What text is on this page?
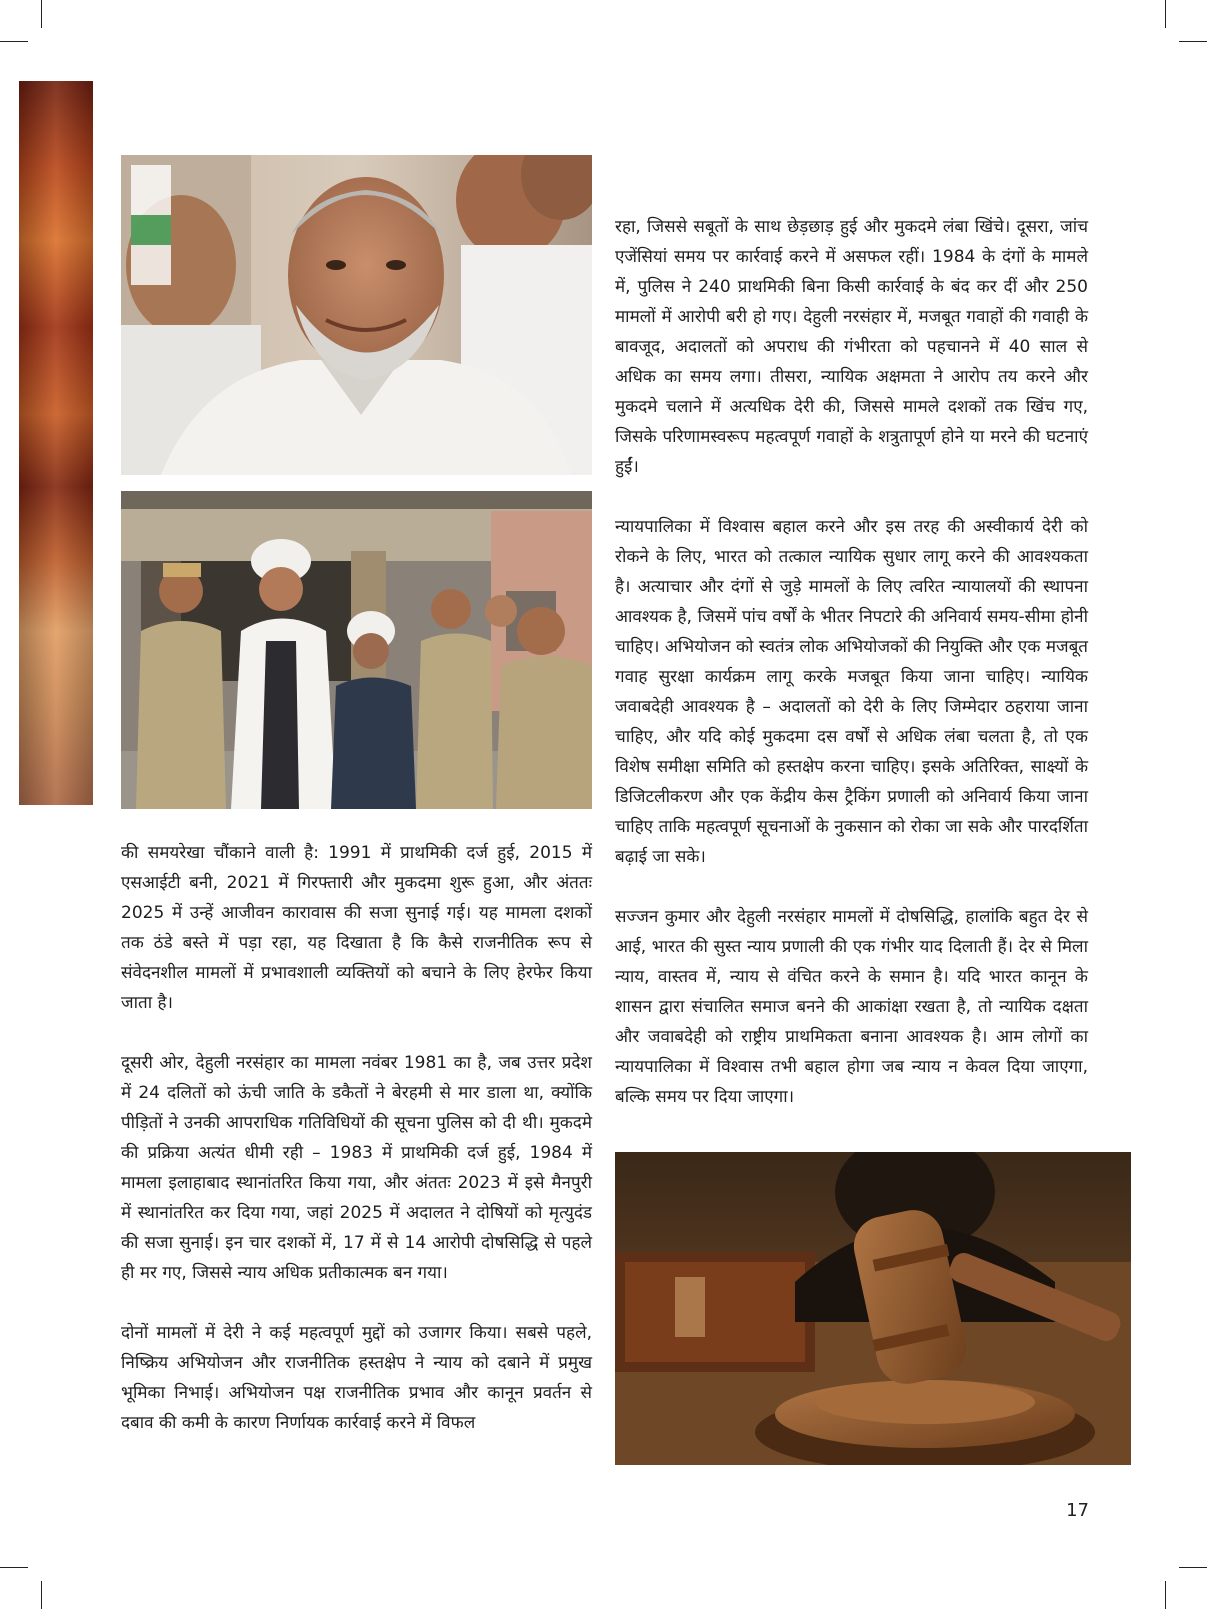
की समयरेखा चौंकाने वाली है: 1991 में प्राथमिकी दर्ज हुई, 2015 में एसआईटी बनी, 2021 में गिरफ्तारी और मुकदमा शुरू हुआ, और अंततः 2025 में उन्हें आजीवन कारावास की सजा सुनाई गई। यह मामला दशकों तक ठंडे बस्ते में पड़ा रहा, यह दिखाता है कि कैसे राजनीतिक रूप से संवेदनशील मामलों में प्रभावशाली व्यक्तियों को बचाने के लिए हेरफेर किया जाता है।

दूसरी ओर, देहुली नरसंहार का मामला नवंबर 1981 का है, जब उत्तर प्रदेश में 24 दलितों को ऊंची जाति के डकैतों ने बेरहमी से मार डाला था, क्योंकि पीड़ितों ने उनकी आपराधिक गतिविधियों की सूचना पुलिस को दी थी। मुकदमे की प्रक्रिया अत्यंत धीमी रही – 1983 में प्राथमिकी दर्ज हुई, 1984 में मामला इलाहाबाद स्थानांतरित किया गया, और अंततः 2023 में इसे मैनपुरी में स्थानांतरित कर दिया गया, जहां 2025 में अदालत ने दोषियों को मृत्युदंड की सजा सुनाई। इन चार दशकों में, 17 में से 14 आरोपी दोषसिद्धि से पहले ही मर गए, जिससे न्याय अधिक प्रतीकात्मक बन गया।

दोनों मामलों में देरी ने कई महत्वपूर्ण मुद्दों को उजागर किया। सबसे पहले, निष्क्रिय अभियोजन और राजनीतिक हस्तक्षेप ने न्याय को दबाने में प्रमुख भूमिका निभाई। अभियोजन पक्ष राजनीतिक प्रभाव और कानून प्रवर्तन से दबाव की कमी के कारण निर्णायक कार्रवाई करने में विफल

रहा, जिससे सबूतों के साथ छेड़छाड़ हुई और मुकदमे लंबा खिंचे। दूसरा, जांच एजेंसियां समय पर कार्रवाई करने में असफल रहीं। 1984 के दंगों के मामले में, पुलिस ने 240 प्राथमिकी बिना किसी कार्रवाई के बंद कर दीं और 250 मामलों में आरोपी बरी हो गए। देहुली नरसंहार में, मजबूत गवाहों की गवाही के बावजूद, अदालतों को अपराध की गंभीरता को पहचानने में 40 साल से अधिक का समय लगा। तीसरा, न्यायिक अक्षमता ने आरोप तय करने और मुकदमे चलाने में अत्यधिक देरी की, जिससे मामले दशकों तक खिंच गए, जिसके परिणामस्वरूप महत्वपूर्ण गवाहों के शत्रुतापूर्ण होने या मरने की घटनाएं हुईं।

न्यायपालिका में विश्वास बहाल करने और इस तरह की अस्वीकार्य देरी को रोकने के लिए, भारत को तत्काल न्यायिक सुधार लागू करने की आवश्यकता है। अत्याचार और दंगों से जुड़े मामलों के लिए त्वरित न्यायालयों की स्थापना आवश्यक है, जिसमें पांच वर्षों के भीतर निपटारे की अनिवार्य समय-सीमा होनी चाहिए। अभियोजन को स्वतंत्र लोक अभियोजकों की नियुक्ति और एक मजबूत गवाह सुरक्षा कार्यक्रम लागू करके मजबूत किया जाना चाहिए। न्यायिक जवाबदेही आवश्यक है – अदालतों को देरी के लिए जिम्मेदार ठहराया जाना चाहिए, और यदि कोई मुकदमा दस वर्षों से अधिक लंबा चलता है, तो एक विशेष समीक्षा समिति को हस्तक्षेप करना चाहिए। इसके अतिरिक्त, साक्ष्यों के डिजिटलीकरण और एक केंद्रीय केस ट्रैकिंग प्रणाली को अनिवार्य किया जाना चाहिए ताकि महत्वपूर्ण सूचनाओं के नुकसान को रोका जा सके और पारदर्शिता बढ़ाई जा सके।

सज्जन कुमार और देहुली नरसंहार मामलों में दोषसिद्धि, हालांकि बहुत देर से आई, भारत की सुस्त न्याय प्रणाली की एक गंभीर याद दिलाती हैं। देर से मिला न्याय, वास्तव में, न्याय से वंचित करने के समान है। यदि भारत कानून के शासन द्वारा संचालित समाज बनने की आकांक्षा रखता है, तो न्यायिक दक्षता और जवाबदेही को राष्ट्रीय प्राथमिकता बनाना आवश्यक है। आम लोगों का न्यायपालिका में विश्वास तभी बहाल होगा जब न्याय न केवल दिया जाएगा, बल्कि समय पर दिया जाएगा।

17
